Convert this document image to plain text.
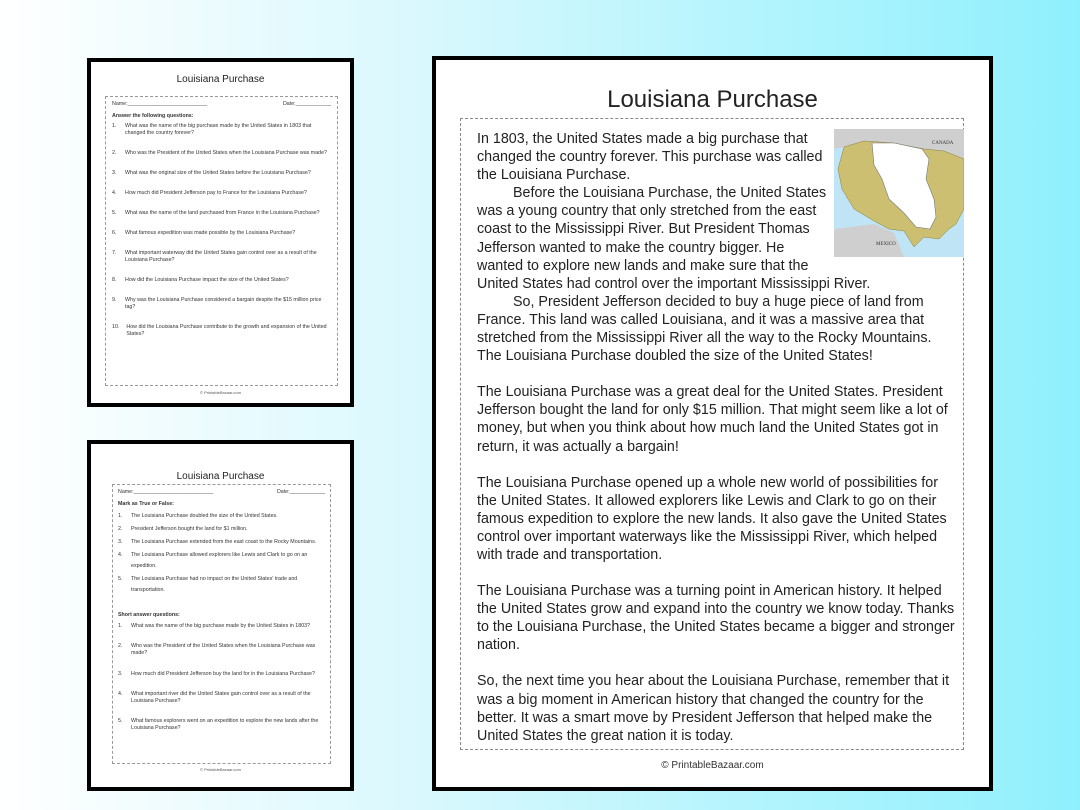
Louisiana Purchase
Name:___________________________	Date:____________
Answer the following questions:
1. What was the name of the big purchase made by the United States in 1803 that changed the country forever?
2. Who was the President of the United States when the Louisiana Purchase was made?
3. What was the original size of the United States before the Louisiana Purchase?
4. How much did President Jefferson pay to France for the Louisiana Purchase?
5. What was the name of the land purchased from France in the Louisiana Purchase?
6. What famous expedition was made possible by the Louisiana Purchase?
7. What important waterway did the United States gain control over as a result of the Louisiana Purchase?
8. How did the Louisiana Purchase impact the size of the United States?
9. Why was the Louisiana Purchase considered a bargain despite the $15 million price tag?
10. How did the Louisiana Purchase contribute to the growth and expansion of the United States?
© PrintableBazaar.com
Louisiana Purchase
Name:___________________________	Date:____________
Mark as True or False:
1. The Louisiana Purchase doubled the size of the United States.
2. President Jefferson bought the land for $1 million.
3. The Louisiana Purchase extended from the east coast to the Rocky Mountains.
4. The Louisiana Purchase allowed explorers like Lewis and Clark to go on an expedition.
5. The Louisiana Purchase had no impact on the United States' trade and transportation.
Short answer questions:
1. What was the name of the big purchase made by the United States in 1803?
2. Who was the President of the United States when the Louisiana Purchase was made?
3. How much did President Jefferson buy the land for in the Louisiana Purchase?
4. What important river did the United States gain control over as a result of the Louisiana Purchase?
5. What famous explorers went on an expedition to explore the new lands after the Louisiana Purchase?
© PrintableBazaar.com
Louisiana Purchase
CANADA
MEXICO

In 1803, the United States made a big purchase that changed the country forever. This purchase was called the Louisiana Purchase.

Before the Louisiana Purchase, the United States was a young country that only stretched from the east coast to the Mississippi River. But President Thomas Jefferson wanted to make the country bigger. He wanted to explore new lands and make sure that the United States had control over the important Mississippi River.

So, President Jefferson decided to buy a huge piece of land from France. This land was called Louisiana, and it was a massive area that stretched from the Mississippi River all the way to the Rocky Mountains. The Louisiana Purchase doubled the size of the United States!

The Louisiana Purchase was a great deal for the United States. President Jefferson bought the land for only $15 million. That might seem like a lot of money, but when you think about how much land the United States got in return, it was actually a bargain!

The Louisiana Purchase opened up a whole new world of possibilities for the United States. It allowed explorers like Lewis and Clark to go on their famous expedition to explore the new lands. It also gave the United States control over important waterways like the Mississippi River, which helped with trade and transportation.

The Louisiana Purchase was a turning point in American history. It helped the United States grow and expand into the country we know today. Thanks to the Louisiana Purchase, the United States became a bigger and stronger nation.

So, the next time you hear about the Louisiana Purchase, remember that it was a big moment in American history that changed the country for the better. It was a smart move by President Jefferson that helped make the United States the great nation it is today.

© PrintableBazaar.com
